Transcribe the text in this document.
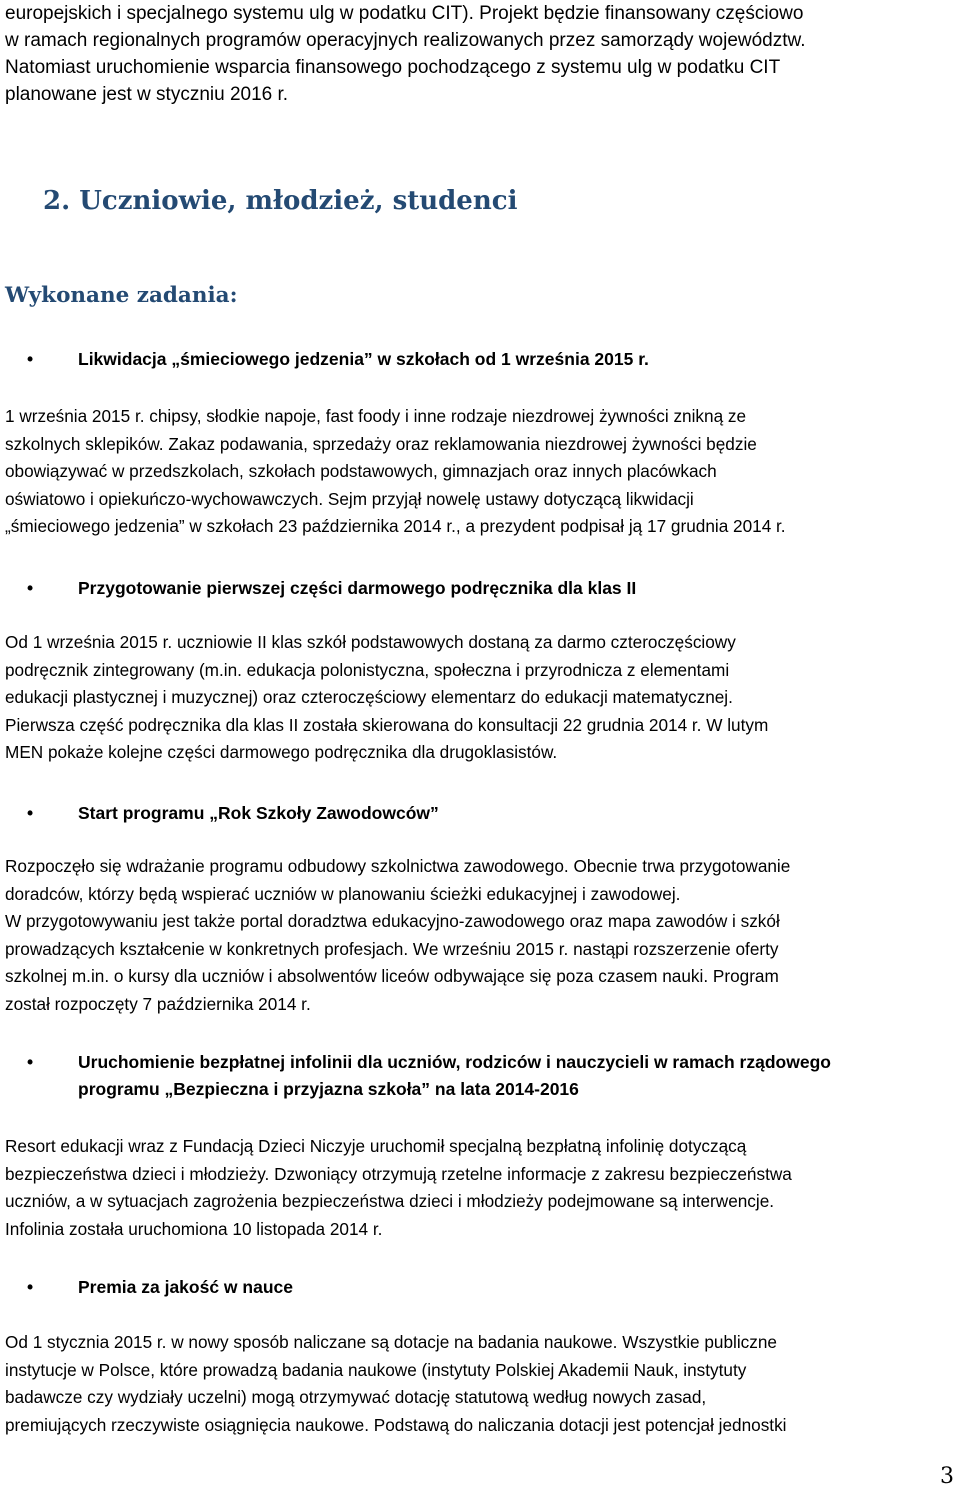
europejskich i specjalnego systemu ulg w podatku CIT). Projekt będzie finansowany częściowo
w ramach regionalnych programów operacyjnych realizowanych przez samorządy województw.
Natomiast uruchomienie wsparcia finansowego pochodzącego z systemu ulg w podatku CIT
planowane jest w styczniu 2016 r.

2. Uczniowie, młodzież, studenci
Wykonane zadania:
•	Likwidacja „śmieciowego jedzenia” w szkołach od 1 września 2015 r.

1 września 2015 r. chipsy, słodkie napoje, fast foody i inne rodzaje niezdrowej żywności znikną ze
szkolnych sklepików. Zakaz podawania, sprzedaży oraz reklamowania niezdrowej żywności będzie
obowiązywać w przedszkolach, szkołach podstawowych, gimnazjach oraz innych placówkach
oświatowo i opiekuńczo-wychowawczych. Sejm przyjął nowelę ustawy dotyczącą likwidacji
„śmieciowego jedzenia” w szkołach 23 października 2014 r., a prezydent podpisał ją 17 grudnia 2014 r.

•	Przygotowanie pierwszej części darmowego podręcznika dla klas II

Od 1 września 2015 r. uczniowie II klas szkół podstawowych dostaną za darmo czteroczęściowy
podręcznik zintegrowany (m.in. edukacja polonistyczna, społeczna i przyrodnicza z elementami
edukacji plastycznej i muzycznej) oraz czteroczęściowy elementarz do edukacji matematycznej.
Pierwsza część podręcznika dla klas II została skierowana do konsultacji 22 grudnia 2014 r. W lutym
MEN pokaże kolejne części darmowego podręcznika dla drugoklasistów.

•	Start programu „Rok Szkoły Zawodowców”

Rozpoczęło się wdrażanie programu odbudowy szkolnictwa zawodowego. Obecnie trwa przygotowanie
doradców, którzy będą wspierać uczniów w planowaniu ścieżki edukacyjnej i zawodowej.
W przygotowywaniu jest także portal doradztwa edukacyjno-zawodowego oraz mapa zawodów i szkół
prowadzących kształcenie w konkretnych profesjach. We wrześniu 2015 r. nastąpi rozszerzenie oferty
szkolnej m.in. o kursy dla uczniów i absolwentów liceów odbywające się poza czasem nauki. Program
został rozpoczęty 7 października 2014 r.

•	Uruchomienie bezpłatnej infolinii dla uczniów, rodziców i nauczycieli w ramach rządowego
programu „Bezpieczna i przyjazna szkoła” na lata 2014-2016

Resort edukacji wraz z Fundacją Dzieci Niczyje uruchomił specjalną bezpłatną infolinię dotyczącą
bezpieczeństwa dzieci i młodzieży. Dzwoniący otrzymują rzetelne informacje z zakresu bezpieczeństwa
uczniów, a w sytuacjach zagrożenia bezpieczeństwa dzieci i młodzieży podejmowane są interwencje.
Infolinia została uruchomiona 10 listopada 2014 r.

•	Premia za jakość w nauce

Od 1 stycznia 2015 r. w nowy sposób naliczane są dotacje na badania naukowe. Wszystkie publiczne
instytucje w Polsce, które prowadzą badania naukowe (instytuty Polskiej Akademii Nauk, instytuty
badawcze czy wydziały uczelni) mogą otrzymywać dotację statutową według nowych zasad,
premiujących rzeczywiste osiągnięcia naukowe. Podstawą do naliczania dotacji jest potencjał jednostki

3
